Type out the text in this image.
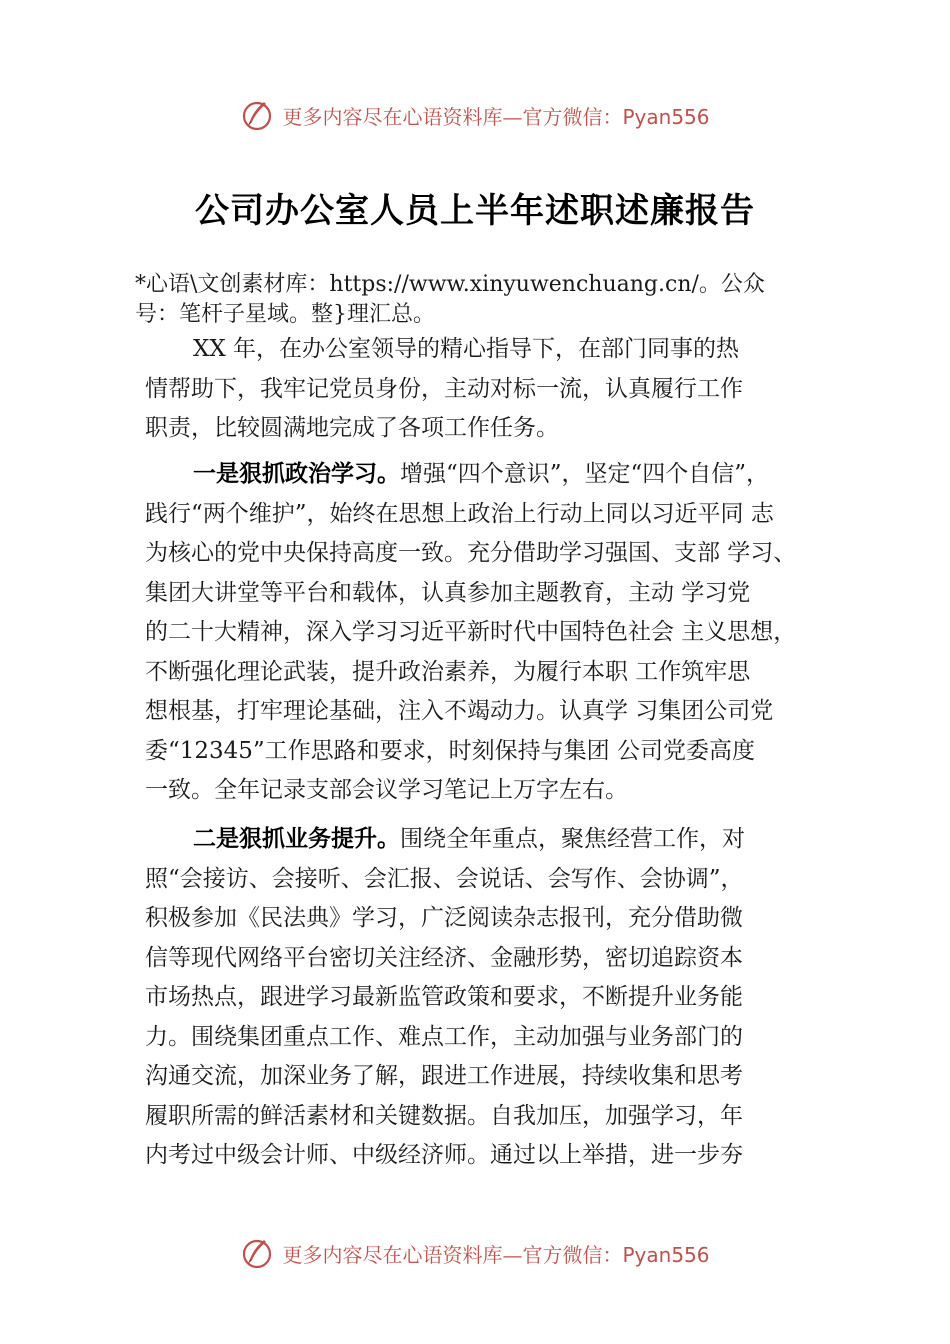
更多内容尽在心语资料库—官方微信：Pyan556
公司办公室人员上半年述职述廉报告
*心语\文创素材库：https://www.xinyuwenchuang.cn/。公众
号：笔杆子星域。整}理汇总。
XX 年，在办公室领导的精心指导下，在部门同事的热
情帮助下，我牢记党员身份，主动对标一流，认真履行工作
职责，比较圆满地完成了各项工作任务。
一是狠抓政治学习。增强“四个意识”，坚定“四个自信”，
践行“两个维护”，始终在思想上政治上行动上同以习近平同 志
为核心的党中央保持高度一致。充分借助学习强国、支部 学习、
集团大讲堂等平台和载体，认真参加主题教育，主动 学习党
的二十大精神，深入学习习近平新时代中国特色社会 主义思想，
不断强化理论武装，提升政治素养，为履行本职 工作筑牢思
想根基，打牢理论基础，注入不竭动力。认真学 习集团公司党
委“12345”工作思路和要求，时刻保持与集团 公司党委高度
一致。全年记录支部会议学习笔记上万字左右。
二是狠抓业务提升。围绕全年重点，聚焦经营工作，对
照“会接访、会接听、会汇报、会说话、会写作、会协调”，
积极参加《民法典》学习，广泛阅读杂志报刊，充分借助微
信等现代网络平台密切关注经济、金融形势，密切追踪资本
市场热点，跟进学习最新监管政策和要求，不断提升业务能
力。围绕集团重点工作、难点工作，主动加强与业务部门的
沟通交流，加深业务了解，跟进工作进展，持续收集和思考
履职所需的鲜活素材和关键数据。自我加压，加强学习，年
内考过中级会计师、中级经济师。通过以上举措，进一步夯
更多内容尽在心语资料库—官方微信：Pyan556
